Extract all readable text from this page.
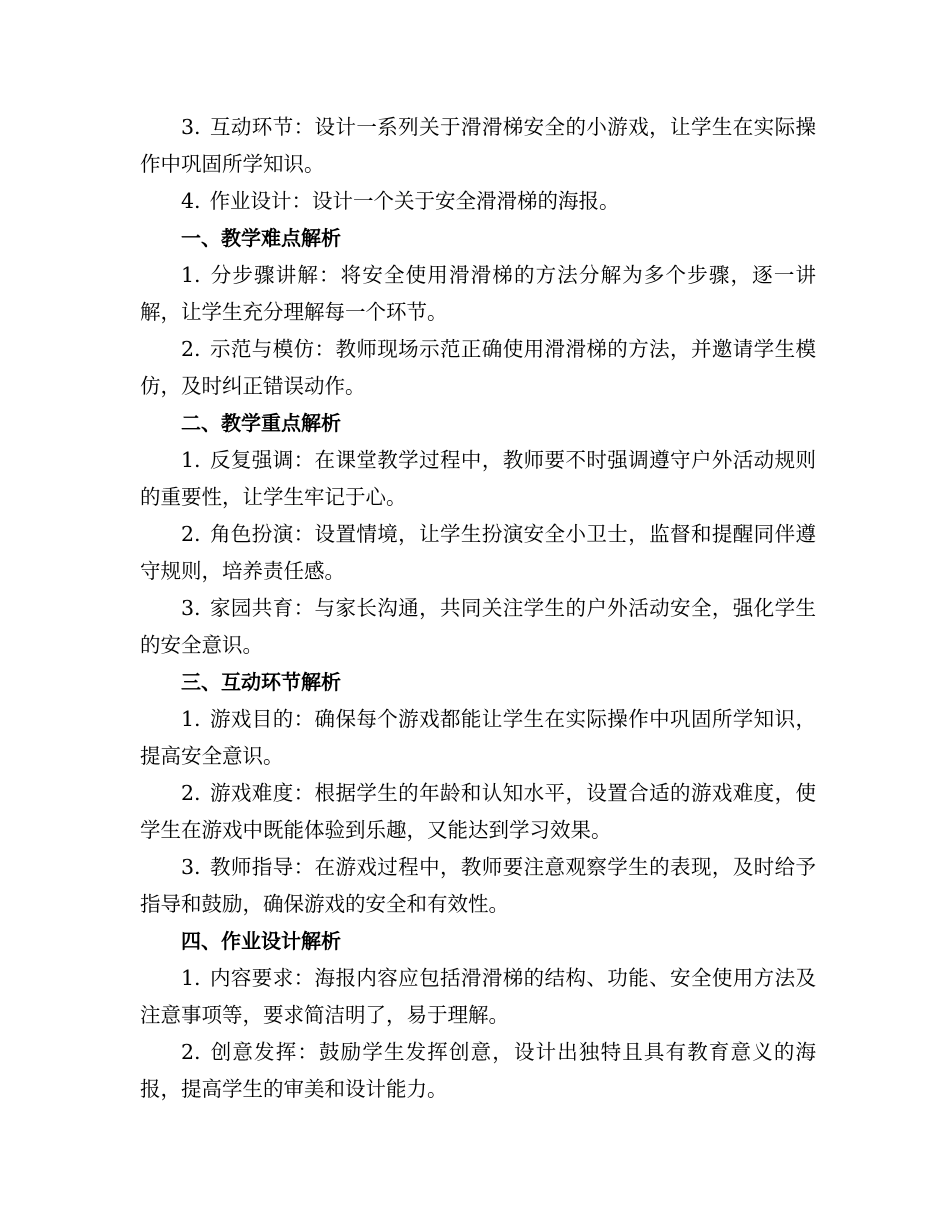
3. 互动环节：设计一系列关于滑滑梯安全的小游戏，让学生在实际操作中巩固所学知识。

4. 作业设计：设计一个关于安全滑滑梯的海报。

一、教学难点解析

1. 分步骤讲解：将安全使用滑滑梯的方法分解为多个步骤，逐一讲解，让学生充分理解每一个环节。

2. 示范与模仿：教师现场示范正确使用滑滑梯的方法，并邀请学生模仿，及时纠正错误动作。

二、教学重点解析

1. 反复强调：在课堂教学过程中，教师要不时强调遵守户外活动规则的重要性，让学生牢记于心。

2. 角色扮演：设置情境，让学生扮演安全小卫士，监督和提醒同伴遵守规则，培养责任感。

3. 家园共育：与家长沟通，共同关注学生的户外活动安全，强化学生的安全意识。

三、互动环节解析

1. 游戏目的：确保每个游戏都能让学生在实际操作中巩固所学知识，提高安全意识。

2. 游戏难度：根据学生的年龄和认知水平，设置合适的游戏难度，使学生在游戏中既能体验到乐趣，又能达到学习效果。

3. 教师指导：在游戏过程中，教师要注意观察学生的表现，及时给予指导和鼓励，确保游戏的安全和有效性。

四、作业设计解析

1. 内容要求：海报内容应包括滑滑梯的结构、功能、安全使用方法及注意事项等，要求简洁明了，易于理解。

2. 创意发挥：鼓励学生发挥创意，设计出独特且具有教育意义的海报，提高学生的审美和设计能力。
